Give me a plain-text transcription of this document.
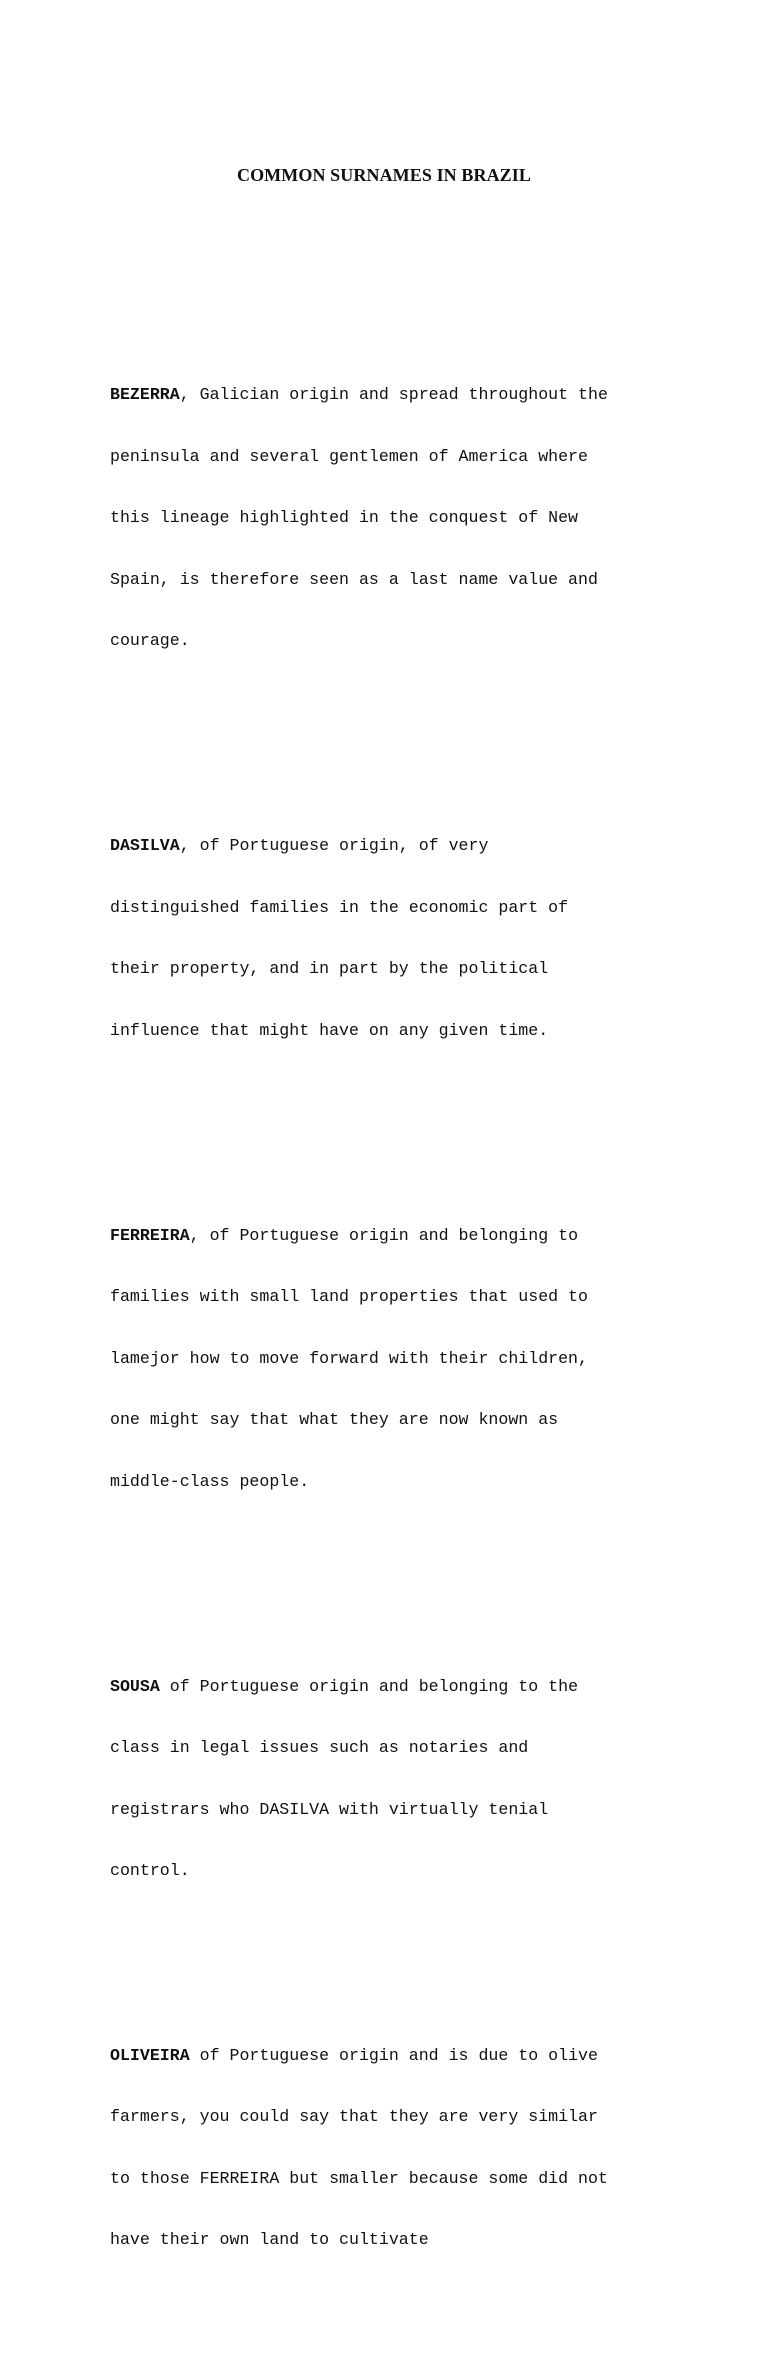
COMMON SURNAMES IN BRAZIL

BEZERRA, Galician origin and spread throughout the

peninsula and several gentlemen of America where

this lineage highlighted in the conquest of New

Spain, is therefore seen as a last name value and

courage.

DASILVA, of Portuguese origin, of very

distinguished families in the economic part of

their property, and in part by the political

influence that might have on any given time.

FERREIRA, of Portuguese origin and belonging to

families with small land properties that used to

lamejor how to move forward with their children,

one might say that what they are now known as

middle-class people.

SOUSA of Portuguese origin and belonging to the

class in legal issues such as notaries and

registrars who DASILVA with virtually tenial

control.

OLIVEIRA of Portuguese origin and is due to olive

farmers, you could say that they are very similar

to those FERREIRA but smaller because some did not

have their own land to cultivate
